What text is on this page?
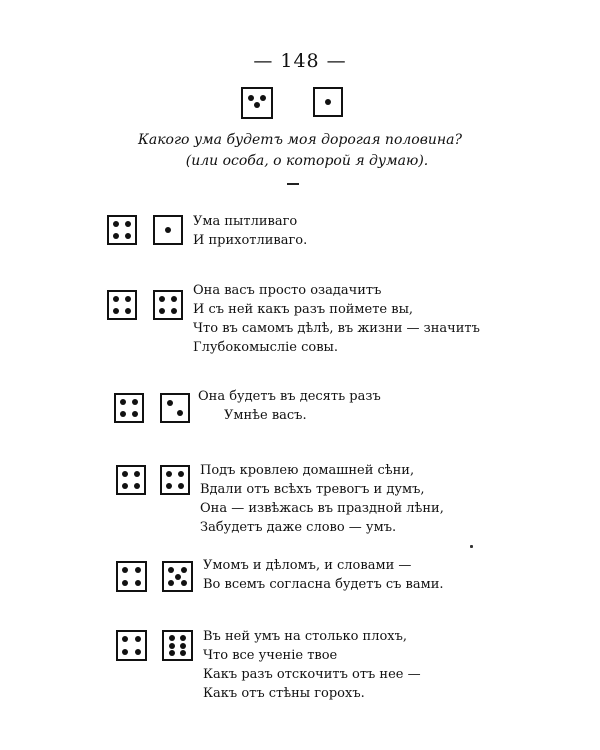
— 148 —
Какого ума будетъ моя дорогая половина?
(или особа, о которой я думаю).
Ума пытливаго
И прихотливаго.
Она васъ просто озадачитъ
И съ ней какъ разъ поймете вы,
Что въ самомъ дѣлѣ, въ жизни — значитъ
Глубокомысліе совы.
Она будетъ въ десять разъ
Умнѣе васъ.
Подъ кровлею домашней сѣни,
Вдали отъ всѣхъ тревогъ и думъ,
Она — извѣжась въ праздной лѣни,
Забудетъ даже слово — умъ.
Умомъ и дѣломъ, и словами —
Во всемъ согласна будетъ съ вами.
Въ ней умъ на столько плохъ,
Что все ученіе твое
Какъ разъ отскочитъ отъ нее —
Какъ отъ стѣны горохъ.
